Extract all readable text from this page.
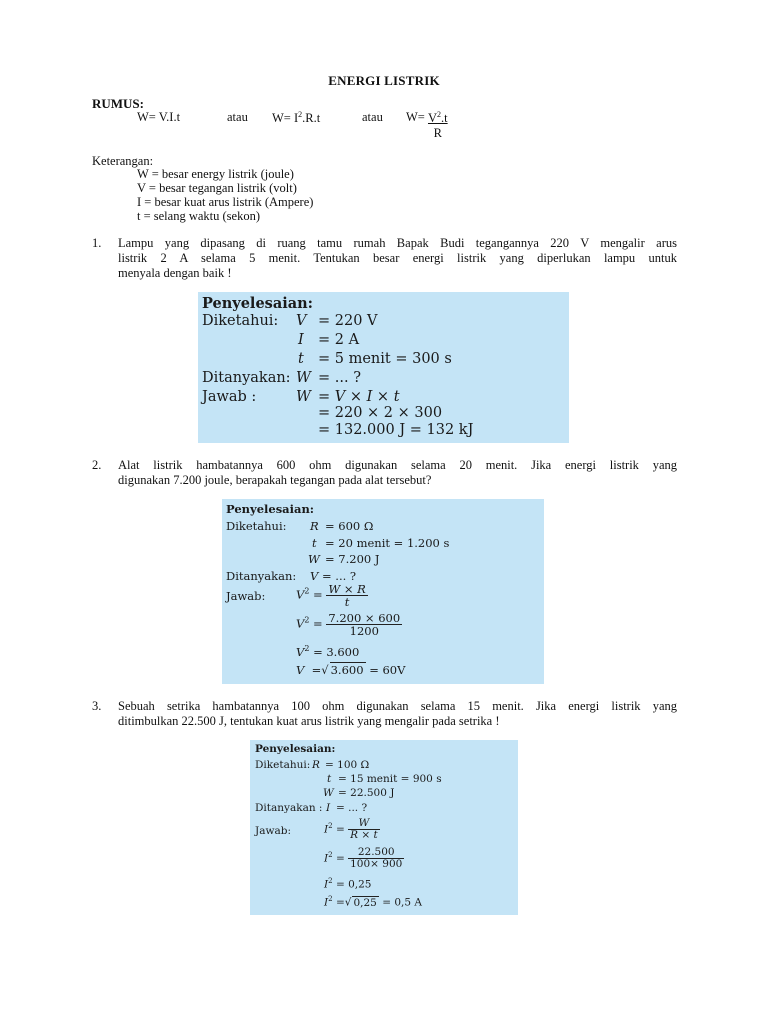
ENERGI LISTRIK
RUMUS:
W= V.I.t	atau $W= I^2.R.t$	atau $W= \frac{V^2.t}{R}$
Keterangan:
W = besar energy listrik (joule)
V = besar tegangan listrik (volt)
I = besar kuat arus listrik (Ampere)
t = selang waktu (sekon)
1. Lampu yang dipasang di ruang tamu rumah Bapak Budi tegangannya 220 V mengalir arus
listrik 2 A selama 5 menit. Tentukan besar energi listrik yang diperlukan lampu untuk
menyala dengan baik !
Penyelesaian:
Diketahui: V = 220 V
I = 2 A
t = 5 menit = 300 s
Ditanyakan: W = ... ?
Jawab :	W = V × I × t
= 220 × 2 × 300
= 132.000 J = 132 kJ
2. Alat listrik hambatannya 600 ohm digunakan selama 20 menit. Jika energi listrik yang
digunakan 7.200 joule, berapakah tegangan pada alat tersebut?
Penyelesaian:
Diketahui: R = 600 Ω
t = 20 menit = 1.200 s
W = 7.200 J
Ditanyakan: V = ... ?
Jawab:	$V^2 = \frac{W \times R}{t}$
$V^2 = \frac{7.200 \times 600}{1200}$
$V^2 = 3.600$
V =√ 3.600 = 60V
3. Sebuah setrika hambatannya 100 ohm digunakan selama 15 menit. Jika energi listrik yang
ditimbulkan 22.500 J, tentukan kuat arus listrik yang mengalir pada setrika !
Penyelesaian:
Diketahui: R = 100 Ω
t = 15 menit = 900 s
W = 22.500 J
Ditanyakan : I = ... ?
Jawab:	$I^2 = \frac{W}{R \times t}$
$I^2 = \frac{22.500}{100\times 900}$
$I^2 = 0,25$
$I^2$ =√ 0,25 = 0,5 A
